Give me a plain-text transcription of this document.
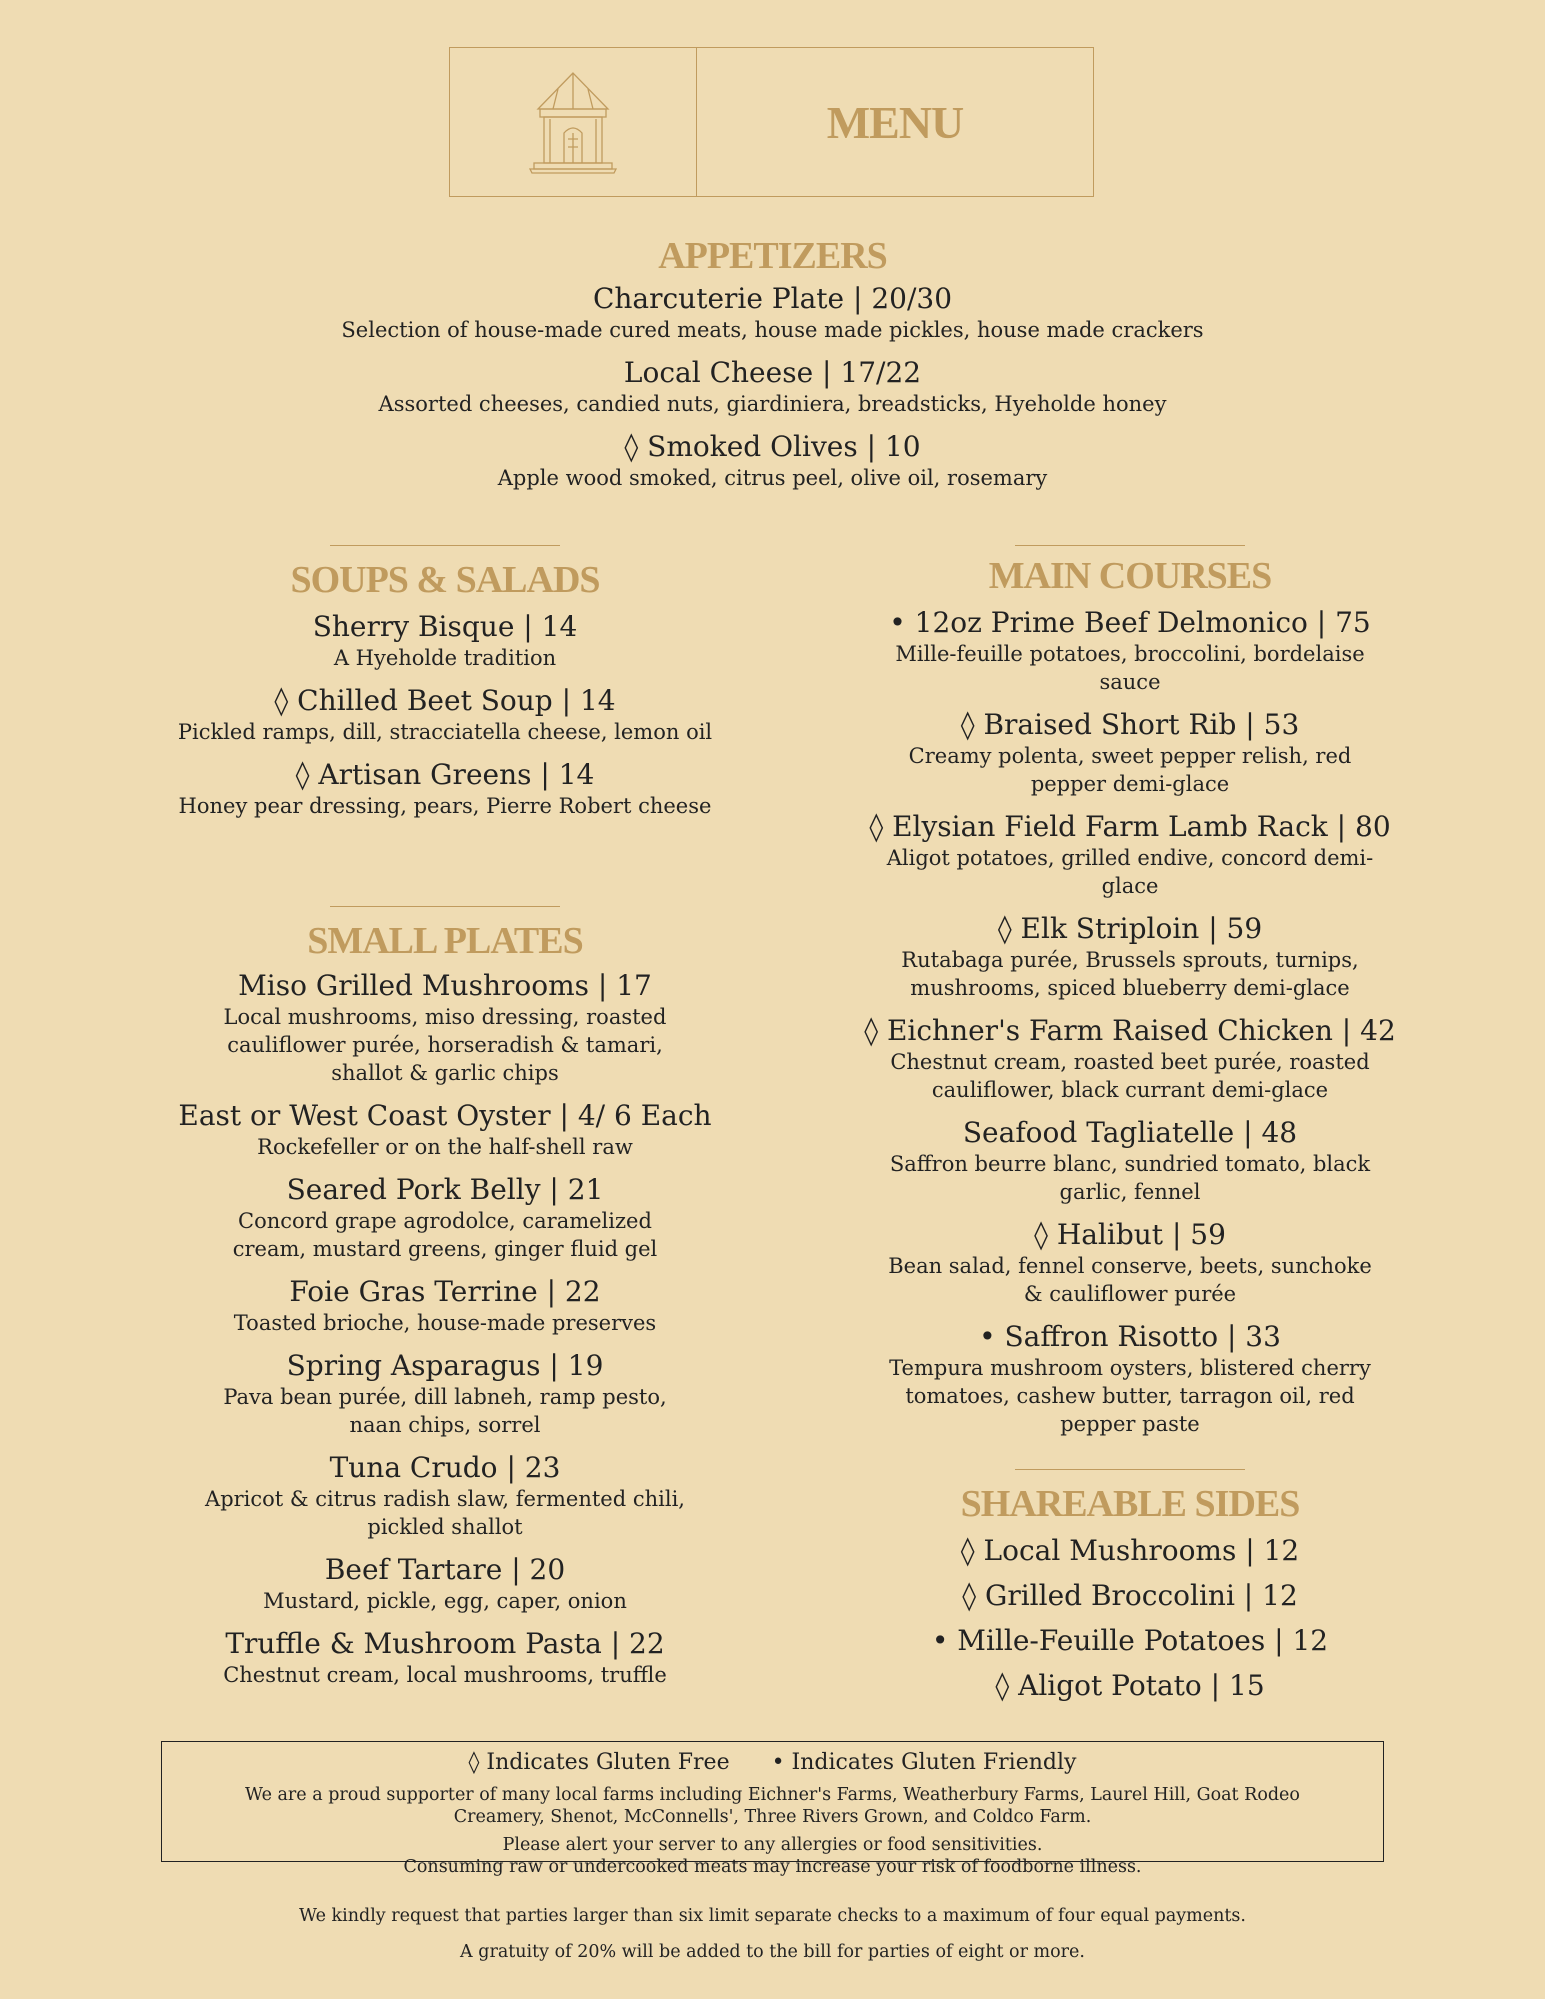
MENU
APPETIZERS
Charcuterie Plate | 20/30
Selection of house-made cured meats, house made pickles, house made crackers
Local Cheese | 17/22
Assorted cheeses, candied nuts, giardiniera, breadsticks, Hyeholde honey
◊ Smoked Olives | 10
Apple wood smoked, citrus peel, olive oil, rosemary
SOUPS & SALADS
Sherry Bisque | 14
A Hyeholde tradition
◊ Chilled Beet Soup | 14
Pickled ramps, dill, stracciatella cheese, lemon oil
◊ Artisan Greens | 14
Honey pear dressing, pears, Pierre Robert cheese
SMALL PLATES
Miso Grilled Mushrooms | 17
Local mushrooms, miso dressing, roasted cauliflower purée, horseradish & tamari, shallot & garlic chips
East or West Coast Oyster | 4/ 6 Each
Rockefeller or on the half-shell raw
Seared Pork Belly | 21
Concord grape agrodolce, caramelized cream, mustard greens, ginger fluid gel
Foie Gras Terrine | 22
Toasted brioche, house-made preserves
Spring Asparagus | 19
Pava bean purée, dill labneh, ramp pesto, naan chips, sorrel
Tuna Crudo | 23
Apricot & citrus radish slaw, fermented chili, pickled shallot
Beef Tartare | 20
Mustard, pickle, egg, caper, onion
Truffle & Mushroom Pasta | 22
Chestnut cream, local mushrooms, truffle
MAIN COURSES
• 12oz Prime Beef Delmonico | 75
Mille-feuille potatoes, broccolini, bordelaise sauce
◊ Braised Short Rib | 53
Creamy polenta, sweet pepper relish, red pepper demi-glace
◊ Elysian Field Farm Lamb Rack | 80
Aligot potatoes, grilled endive, concord demi-glace
◊ Elk Striploin | 59
Rutabaga purée, Brussels sprouts, turnips, mushrooms, spiced blueberry demi-glace
◊ Eichner's Farm Raised Chicken | 42
Chestnut cream, roasted beet purée, roasted cauliflower, black currant demi-glace
Seafood Tagliatelle | 48
Saffron beurre blanc, sundried tomato, black garlic, fennel
◊ Halibut | 59
Bean salad, fennel conserve, beets, sunchoke & cauliflower purée
• Saffron Risotto | 33
Tempura mushroom oysters, blistered cherry tomatoes, cashew butter, tarragon oil, red pepper paste
SHAREABLE SIDES
◊ Local Mushrooms | 12
◊ Grilled Broccolini | 12
• Mille-Feuille Potatoes | 12
◊ Aligot Potato | 15
◊ Indicates Gluten Free • Indicates Gluten Friendly
We are a proud supporter of many local farms including Eichner's Farms, Weatherbury Farms, Laurel Hill, Goat Rodeo Creamery, Shenot, McConnells', Three Rivers Grown, and Coldco Farm.
Please alert your server to any allergies or food sensitivities.
Consuming raw or undercooked meats may increase your risk of foodborne illness.
We kindly request that parties larger than six limit separate checks to a maximum of four equal payments.
A gratuity of 20% will be added to the bill for parties of eight or more.
